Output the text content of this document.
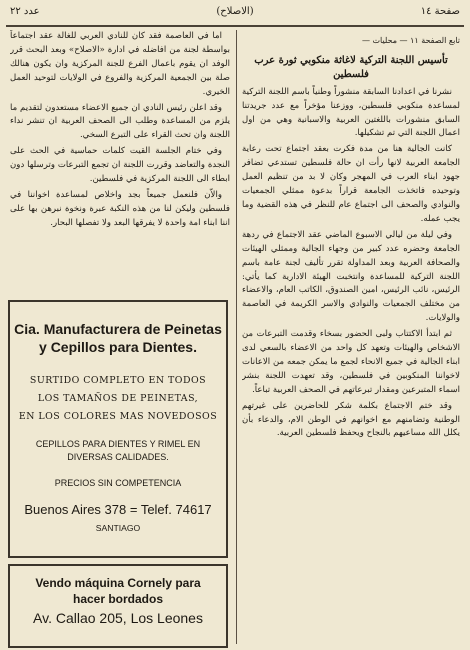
عدد ٢٢	(الاصلاح)	صفحة ١٤
تابع الصفحة ١١ — محليات —
تأسيس اللجنة التركية لاغاثة منكوبي ثورة عرب فلسطين

نشرنا في اعدادنا السابقة منشوراً وطنياً باسم اللجنة التركية لمساعدة منكوبي فلسطين، ووزعنا مؤخراً مع عدد جريدتنا السابق منشورات باللغتين العربية والاسبانية وهي من اول اعمال اللجنة التي تم تشكيلها.

كانت الجالية هنا من مدة فكرت بعقد اجتماع تحت رعاية الجامعة العربية لانها رأت ان حالة فلسطين تستدعي تضافر جهود ابناء العرب في المهجر وكان لا بد من تنظيم العمل وتوحيده فاتخذت الجامعة قراراً بدعوة ممثلي الجمعيات والنوادي والصحف الى اجتماع عام للنظر في هذه القضية وما يجب عمله.

وفي ليلة من ليالي الاسبوع الماضي عقد الاجتماع في ردهة الجامعة وحضره عدد كبير من وجهاء الجالية وممثلي الهيئات والصحافة العربية وبعد المداولة تقرر تأليف لجنة عامة باسم اللجنة التركية للمساعدة وانتخبت الهيئة الادارية كما يأتي: الرئيس، نائب الرئيس، امين الصندوق، الكاتب العام، والاعضاء من مختلف الجمعيات والنوادي والاسر الكريمة في العاصمة والولايات.

ثم ابتدأ الاكتتاب ولبى الحضور بسخاء وقدمت التبرعات من الاشخاص والهيئات وتعهد كل واحد من الاعضاء بالسعي لدى ابناء الجالية في جميع الانحاء لجمع ما يمكن جمعه من الاعانات لاخواننا المنكوبين في فلسطين، وقد تعهدت اللجنة بنشر اسماء المتبرعين ومقدار تبرعاتهم في الصحف العربية تباعاً.

وقد ختم الاجتماع بكلمة شكر للحاضرين على غيرتهم الوطنية وتضامنهم مع اخوانهم في الوطن الام، والدعاء بأن يكلل الله مساعيهم بالنجاح ويحفظ فلسطين العربية.

اما في العاصمة فقد كان للنادي العربي للغالة عقد اجتماعاً بواسطة لجنة من افاضله في ادارة «الاصلاح» وبعد البحث قرر الوفد ان يقوم باعمال الفرع للجنة المركزية وان يكون هنالك صلة بين الجمعية المركزية والفروع في الولايات لتوحيد العمل الخيري.

وقد اعلن رئيس النادي ان جميع الاعضاء مستعدون لتقديم ما يلزم من المساعدة وطلب الى الصحف العربية ان تنشر نداء اللجنة وان تحث القراء على التبرع السخي.

وفي ختام الجلسة القيت كلمات حماسية في الحث على النجدة والتعاضد وقررت اللجنة ان تجمع التبرعات وترسلها دون ابطاء الى اللجنة المركزية في فلسطين.

والاّن فلنعمل جميعاً بجد واخلاص لمساعدة اخواننا في فلسطين وليكن لنا من هذه النكبة عبرة ونخوة نبرهن بها على اننا ابناء امة واحدة لا يفرقها البعد ولا تفصلها البحار.

Cia. Manufacturera de Peinetas
y Cepillos para Dientes.
SURTIDO COMPLETO EN TODOS
LOS TAMAÑOS DE PEINETAS,
EN LOS COLORES MAS NOVEDOSOS
CEPILLOS PARA DIENTES Y RIMEL EN
DIVERSAS CALIDADES.
PRECIOS SIN COMPETENCIA
Buenos Aires 378 = Telef. 74617
SANTIAGO
Vendo máquina Cornely para
hacer bordados
Av. Callao 205, Los Leones
